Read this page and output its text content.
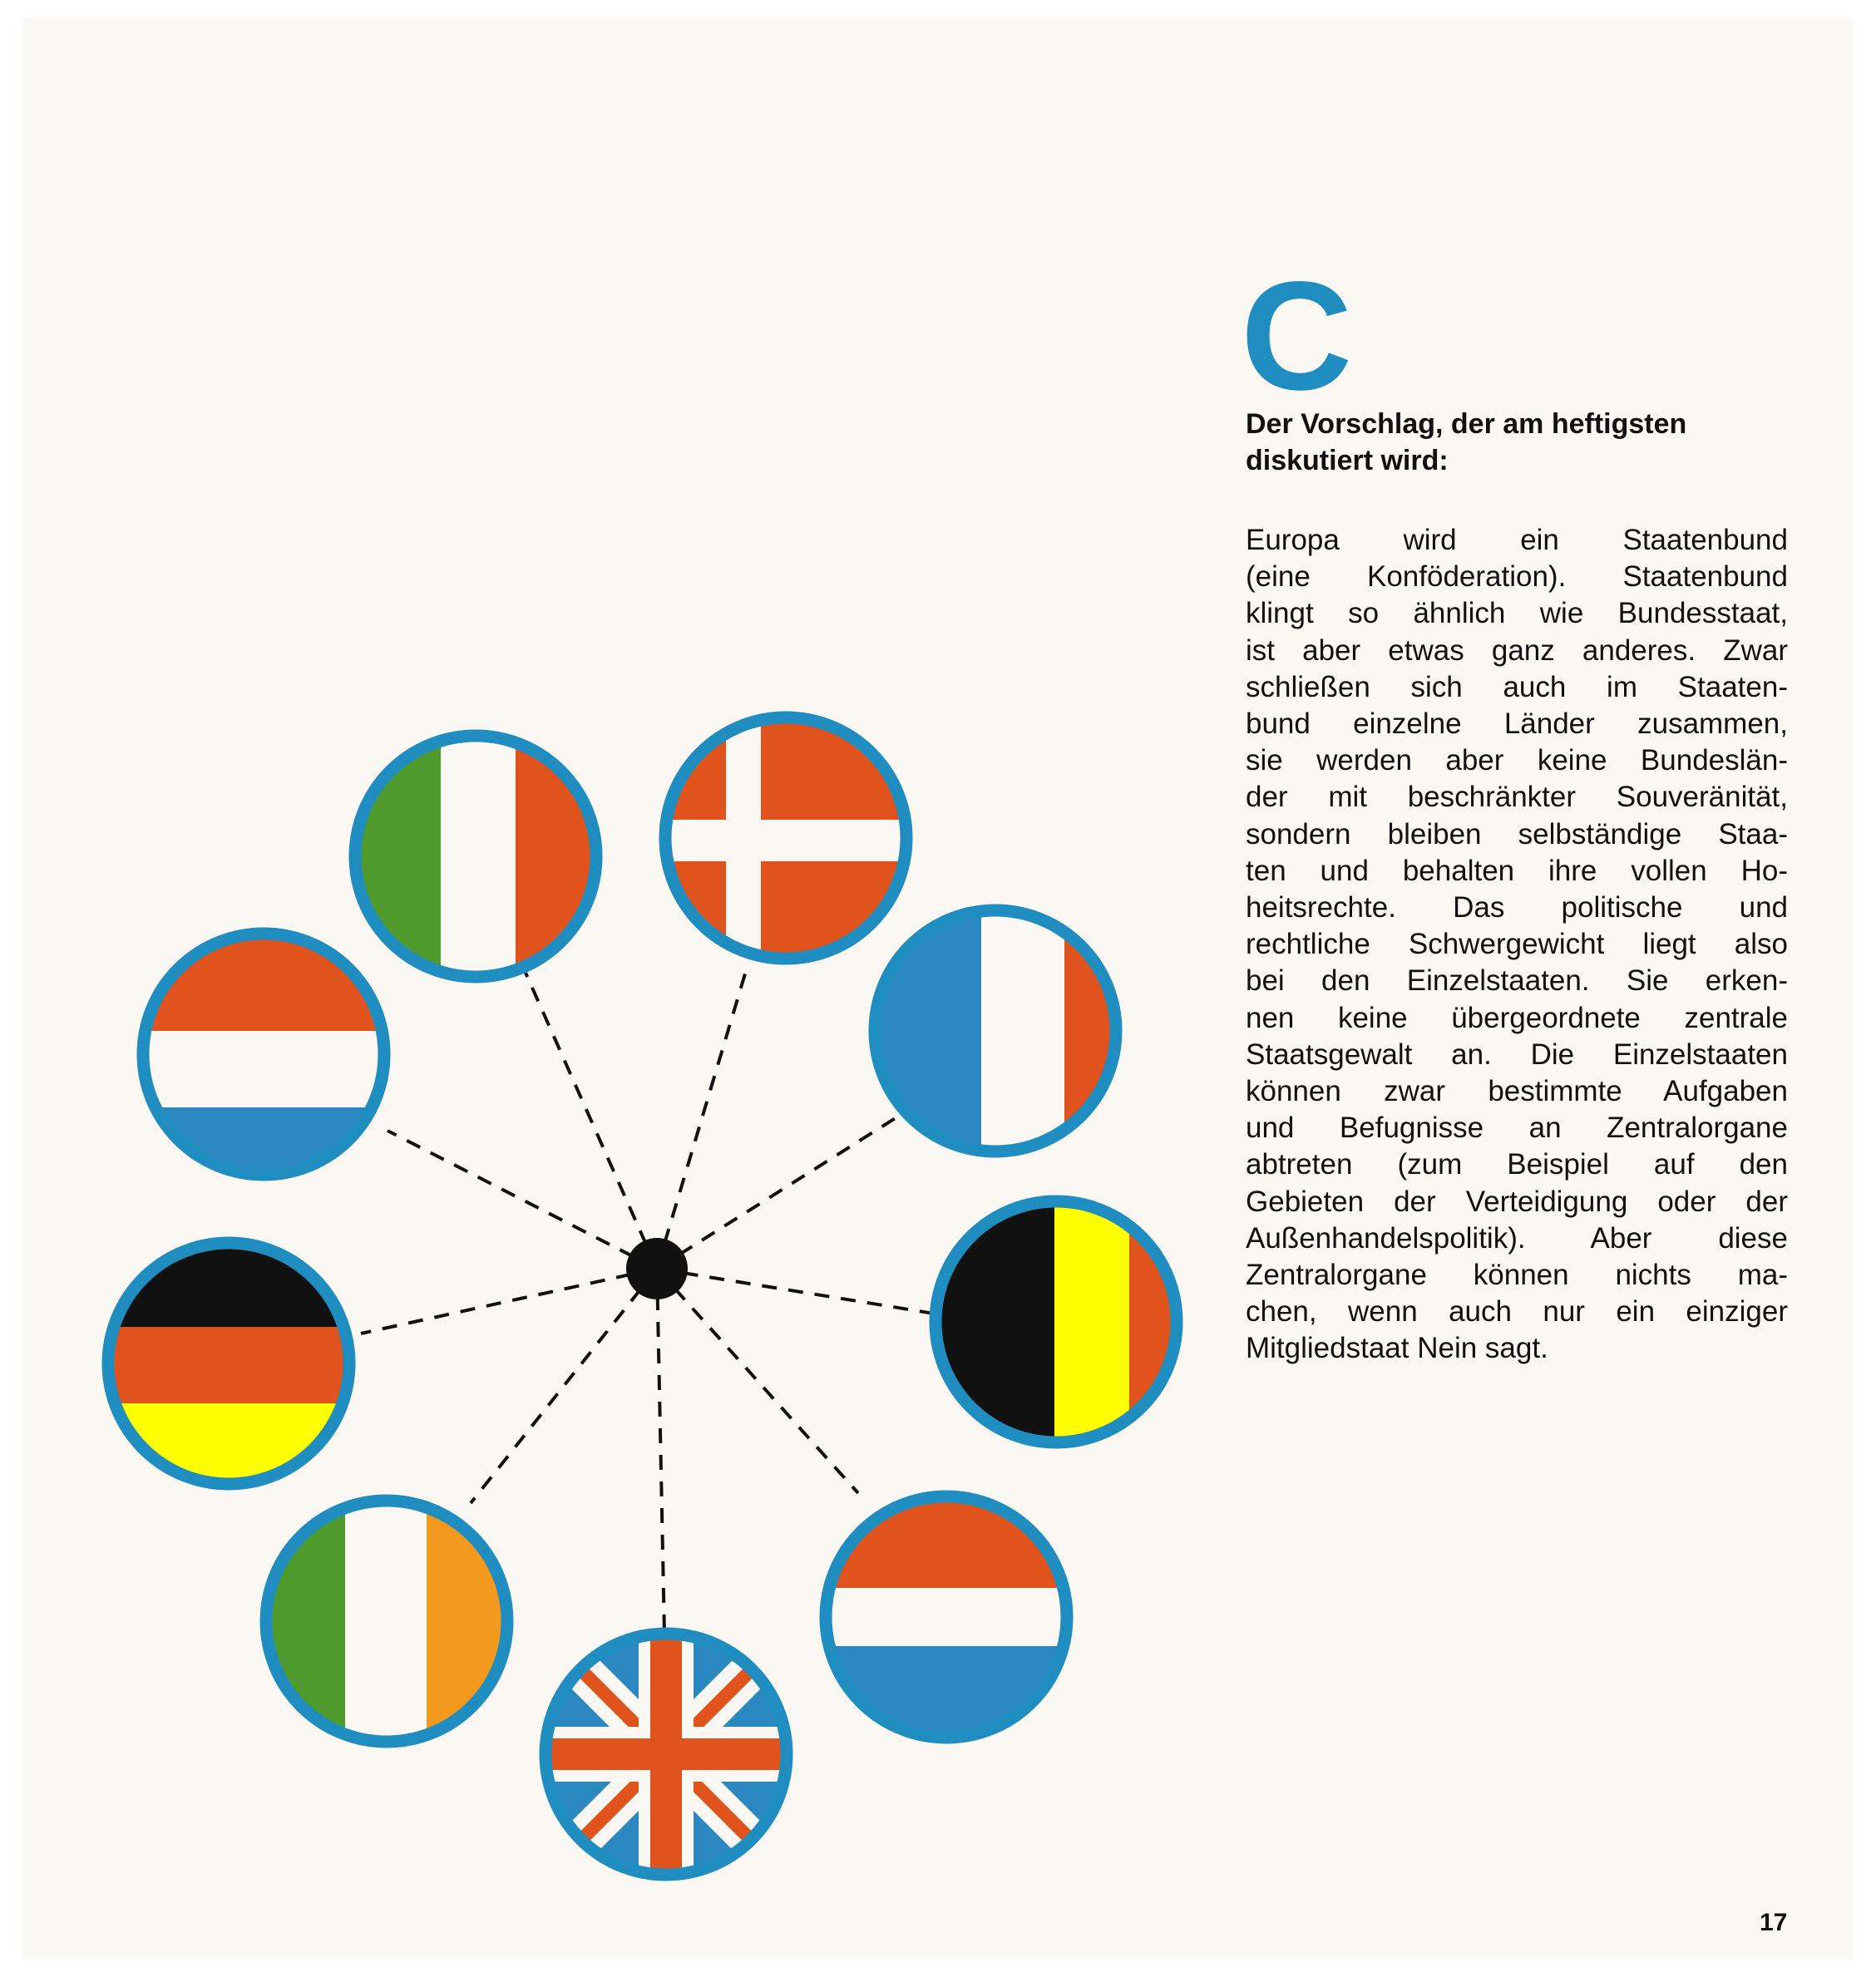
C

Der Vorschlag, der am heftigsten diskutiert wird:

Europa wird ein Staatenbund
(eine Konföderation). Staatenbund
klingt so ähnlich wie Bundesstaat,
ist aber etwas ganz anderes. Zwar
schließen sich auch im Staaten-
bund einzelne Länder zusammen,
sie werden aber keine Bundeslän-
der mit beschränkter Souveränität,
sondern bleiben selbständige Staa-
ten und behalten ihre vollen Ho-
heitsrechte. Das politische und
rechtliche Schwergewicht liegt also
bei den Einzelstaaten. Sie erken-
nen keine übergeordnete zentrale
Staatsgewalt an. Die Einzelstaaten
können zwar bestimmte Aufgaben
und Befugnisse an Zentralorgane
abtreten (zum Beispiel auf den
Gebieten der Verteidigung oder der
Außenhandelspolitik). Aber diese
Zentralorgane können nichts ma-
chen, wenn auch nur ein einziger
Mitgliedstaat Nein sagt.
17
